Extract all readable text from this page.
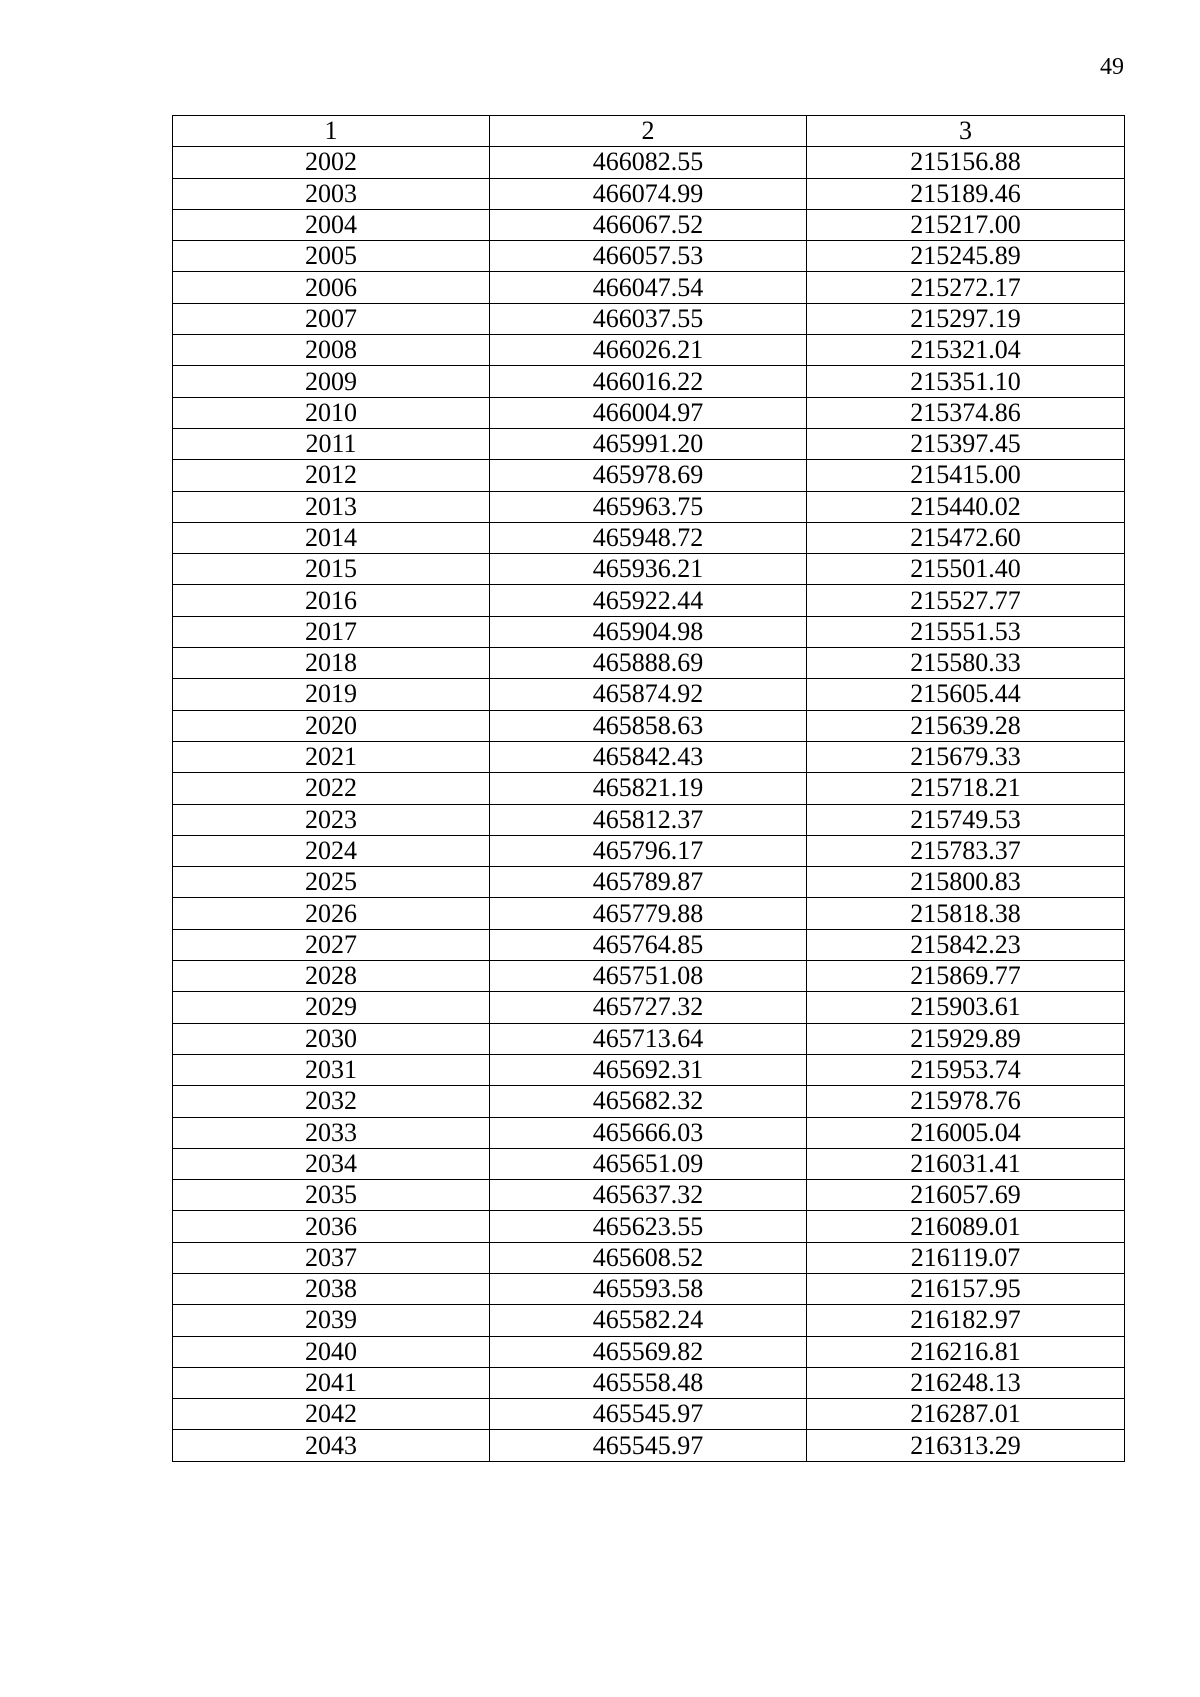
49
1	2	3
2002	466082.55	215156.88
2003	466074.99	215189.46
2004	466067.52	215217.00
2005	466057.53	215245.89
2006	466047.54	215272.17
2007	466037.55	215297.19
2008	466026.21	215321.04
2009	466016.22	215351.10
2010	466004.97	215374.86
2011	465991.20	215397.45
2012	465978.69	215415.00
2013	465963.75	215440.02
2014	465948.72	215472.60
2015	465936.21	215501.40
2016	465922.44	215527.77
2017	465904.98	215551.53
2018	465888.69	215580.33
2019	465874.92	215605.44
2020	465858.63	215639.28
2021	465842.43	215679.33
2022	465821.19	215718.21
2023	465812.37	215749.53
2024	465796.17	215783.37
2025	465789.87	215800.83
2026	465779.88	215818.38
2027	465764.85	215842.23
2028	465751.08	215869.77
2029	465727.32	215903.61
2030	465713.64	215929.89
2031	465692.31	215953.74
2032	465682.32	215978.76
2033	465666.03	216005.04
2034	465651.09	216031.41
2035	465637.32	216057.69
2036	465623.55	216089.01
2037	465608.52	216119.07
2038	465593.58	216157.95
2039	465582.24	216182.97
2040	465569.82	216216.81
2041	465558.48	216248.13
2042	465545.97	216287.01
2043	465545.97	216313.29
